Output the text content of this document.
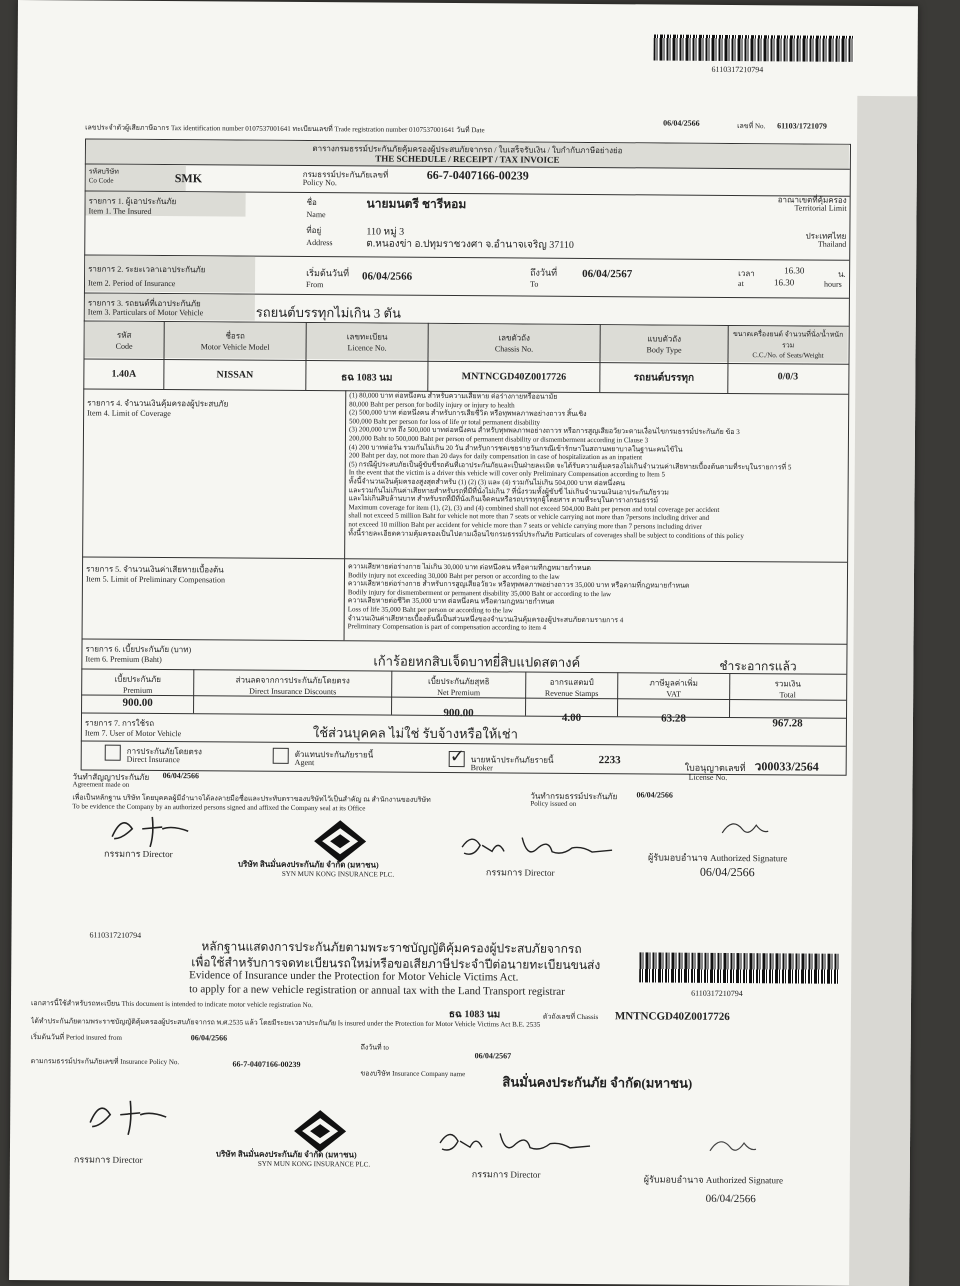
6110317210794
เลขประจำตัวผู้เสียภาษีอากร Tax identification number 0107537001641 ทะเบียนเลขที่ Trade registration number 0107537001641 วันที่ Date
06/04/2566	เลขที่ No. 61103/1721079
ตารางกรมธรรม์ประกันภัยคุ้มครองผู้ประสบภัยจากรถ / ใบเสร็จรับเงิน / ใบกำกับภาษีอย่างย่อ
THE SCHEDULE / RECEIPT / TAX INVOICE
รหัสบริษัท
Co Code	SMK	กรมธรรม์ประกันภัยเลขที่
Policy No.
66-7-0407166-00239
รายการ 1. ผู้เอาประกันภัย
Item 1. The Insured
ชื่อ
Name
นายมนตรี ชารีหอม
ที่อยู่
Address
110 หมู่ 3
ต.หนองข่า อ.ปทุมราชวงศา จ.อำนาจเจริญ 37110
อาณาเขตที่คุ้มครอง
Territorial Limit
ประเทศไทย
Thailand
รายการ 2. ระยะเวลาเอาประกันภัย
Item 2. Period of Insurance
เริ่มต้นวันที่
From
06/04/2566	ถึงวันที่
To
06/04/2567	เวลา
at
16.30
16.30
น.
hours
รายการ 3. รถยนต์ที่เอาประกันภัย
Item 3. Particulars of Motor Vehicle	รถยนต์บรรทุกไม่เกิน 3 ตัน
รหัส
Code
ชื่อรถ
Motor Vehicle Model
เลขทะเบียน
Licence No.
เลขตัวถัง
Chassis No.
แบบตัวถัง
Body Type
ขนาดเครื่องยนต์ จำนวนที่นั่ง/น้ำหนักรวม
C.C./No. of Seats/Weight
1.40A	NISSAN	ธฉ 1083 นม	MNTNCGD40Z0017726	รถยนต์บรรทุก	0/0/3
รายการ 4. จำนวนเงินคุ้มครองผู้ประสบภัย
Item 4. Limit of Coverage

(1) 80,000 บาท ต่อหนึ่งคน สำหรับความเสียหาย ต่อร่างกายหรืออนามัย

80,000 Baht per person for bodily injury or injury to health

(2) 500,000 บาท ต่อหนึ่งคน สำหรับการเสียชีวิต หรือทุพพลภาพอย่างถาวร สิ้นเชิง

500,000 Baht per person for loss of life or total permanent disability

(3) 200,000 บาท ถึง 500,000 บาทต่อหนึ่งคน สำหรับทุพพลภาพอย่างถาวร หรือการสูญเสียอวัยวะตามเงื่อนไขกรมธรรม์ประกันภัย ข้อ 3

200,000 Baht to 500,000 Baht per person of permanent disability or dismemberment according in Clause 3

(4) 200 บาทต่อวัน รวมกันไม่เกิน 20 วัน สำหรับการชดเชยรายวันกรณีเข้ารักษาในสถานพยาบาลในฐานะคนไข้ใน

200 Baht per day, not more than 20 days for daily compensation in case of hospitalization as an inpatient

(5) กรณีผู้ประสบภัยเป็นผู้ขับขี่รถคันที่เอาประกันภัยและเป็นฝ่ายละเมิด จะได้รับความคุ้มครองไม่เกินจำนวนค่าเสียหายเบื้องต้นตามที่ระบุในรายการที่ 5

In the event that the victim is a driver this vehicle will cover only Preliminary Compensation according to Item 5

ทั้งนี้จำนวนเงินคุ้มครองสูงสุดสำหรับ (1) (2) (3) และ (4) รวมกันไม่เกิน 504,000 บาท ต่อหนึ่งคน

และรวมกันไม่เกินค่าเสียหายสำหรับรถที่มีที่นั่งไม่เกิน 7 ที่นั่งรวมทั้งผู้ขับขี่ ไม่เกินจำนวนเงินเอาประกันภัยรวม

และไม่เกินสิบล้านบาท สำหรับรถที่มีที่นั่งเกินเจ็ดคนหรือรถบรรทุกผู้โดยสาร ตามที่ระบุในตารางกรมธรรม์

Maximum coverage for item (1), (2), (3) and (4) combined shall not exceed 504,000 Baht per person and total coverage per accident

shall not exceed 5 million Baht for vehicle not more than 7 seats or vehicle carrying not more than 7persons including driver and

not exceed 10 million Baht per accident for vehicle more than 7 seats or vehicle carrying more than 7 persons including driver

ทั้งนี้รายละเอียดความคุ้มครองเป็นไปตามเงื่อนไขกรมธรรม์ประกันภัย Particulars of coverages shall be subject to conditions of this policy

รายการ 5. จำนวนเงินค่าเสียหายเบื้องต้น
Item 5. Limit of Preliminary Compensation

ความเสียหายต่อร่างกาย ไม่เกิน 30,000 บาท ต่อหนึ่งคน หรือตามที่กฎหมายกำหนด

Bodily injury not exceeding 30,000 Baht per person or according to the law

ความเสียหายต่อร่างกาย สำหรับการสูญเสียอวัยวะ หรือทุพพลภาพอย่างถาวร 35,000 บาท หรือตามที่กฎหมายกำหนด

Bodily injury for dismemberment or permanent disability 35,000 Baht or according to the law

ความเสียหายต่อชีวิต 35,000 บาท ต่อหนึ่งคน หรือตามกฎหมายกำหนด

Loss of life 35,000 Baht per person or according to the law

จำนวนเงินค่าเสียหายเบื้องต้นนี้เป็นส่วนหนึ่งของจำนวนเงินคุ้มครองผู้ประสบภัยตามรายการ 4

Preliminary Compensation is part of compensation according to item 4

รายการ 6. เบี้ยประกันภัย (บาท)
Item 6. Premium (Baht)	เก้าร้อยหกสิบเจ็ดบาทยี่สิบแปดสตางค์	ชำระอากรแล้ว
เบี้ยประกันภัย
Premium
ส่วนลดจากการประกันภัยโดยตรง
Direct Insurance Discounts
เบี้ยประกันภัยสุทธิ
Net Premium
อากรแสตมป์
Revenue Stamps
ภาษีมูลค่าเพิ่ม
VAT
รวมเงิน
Total
900.00
900.00	4.00	63.28	967.28
รายการ 7. การใช้รถ
Item 7. User of Motor Vehicle	ใช้ส่วนบุคคล ไม่ใช่ รับจ้างหรือให้เช่า
การประกันภัยโดยตรง
Direct Insurance	ตัวแทนประกันภัยรายนี้
Agent
✓	นายหน้าประกันภัยรายนี้
Broker
2233
ใบอนุญาตเลขที่
License No.
ว00033/2564
วันทำสัญญาประกันภัย 06/04/2566
Agreement made on
วันทำกรมธรรม์ประกันภัย 06/04/2566
Policy issued on
เพื่อเป็นหลักฐาน บริษัท โดยบุคคลผู้มีอำนาจได้ลงลายมือชื่อและประทับตราของบริษัทไว้เป็นสำคัญ ณ สำนักงานของบริษัท
To be evidence the Company by an authorized persons signed and affixed the Company seal at its Office
กรรมการ Director
บริษัท สินมั่นคงประกันภัย จำกัด (มหาชน)
SYN MUN KONG INSURANCE PLC.	กรรมการ Director
ผู้รับมอบอำนาจ Authorized Signature
06/04/2566
6110317210794
หลักฐานแสดงการประกันภัยตามพระราชบัญญัติคุ้มครองผู้ประสบภัยจากรถ
เพื่อใช้สำหรับการจดทะเบียนรถใหม่หรือขอเสียภาษีประจำปีต่อนายทะเบียนขนส่ง
Evidence of Insurance under the Protection for Motor Vehicle Victims Act.
to apply for a new vehicle registration or annual tax with the Land Transport registrar	6110317210794
เอกสารนี้ใช้สำหรับรถทะเบียน This document is intended to indicate motor vehicle registration No.
ธฉ 1083 นม	ตัวถังเลขที่ Chassis MNTNCGD40Z0017726
ได้ทำประกันภัยตามพระราชบัญญัติคุ้มครองผู้ประสบภัยจากรถ พ.ศ.2535 แล้ว โดยมีระยะเวลาประกันภัย Is insured under the Protection for Motor Vehicle Victims Act B.E. 2535
เริ่มต้นวันที่ Period insured from	06/04/2566
ถึงวันที่ to
06/04/2567
ตามกรมธรรม์ประกันภัยเลขที่ Insurance Policy No.	66-7-0407166-00239
ของบริษัท Insurance Company name
สินมั่นคงประกันภัย จำกัด(มหาชน)
กรรมการ Director
บริษัท สินมั่นคงประกันภัย จำกัด (มหาชน)
SYN MUN KONG INSURANCE PLC.
กรรมการ Director	ผู้รับมอบอำนาจ Authorized Signature
06/04/2566
